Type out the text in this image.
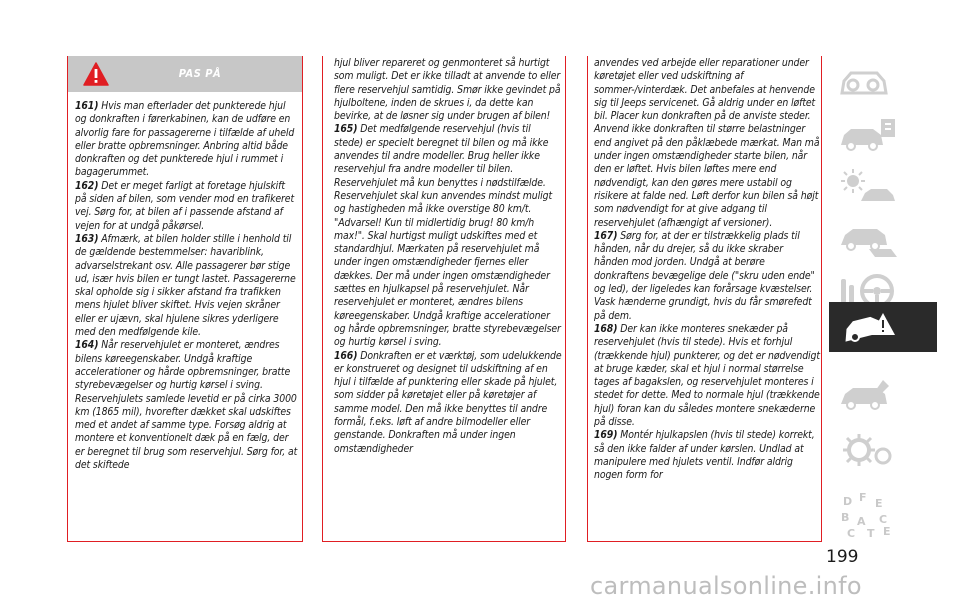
PAS PÅ

161) Hvis man efterlader det punkterede hjul og donkraften i førerkabinen, kan de udføre en alvorlig fare for passagererne i tilfælde af uheld eller bratte opbremsninger. Anbring altid både donkraften og det punkterede hjul i rummet i bagagerummet.

162) Det er meget farligt at foretage hjulskift på siden af bilen, som vender mod en trafikeret vej. Sørg for, at bilen af i passende afstand af vejen for at undgå påkørsel.

163) Afmærk, at bilen holder stille i henhold til de gældende bestemmelser: havariblink, advarselstrekant osv. Alle passagerer bør stige ud, især hvis bilen er tungt lastet. Passagererne skal opholde sig i sikker afstand fra trafikken mens hjulet bliver skiftet. Hvis vejen skråner eller er ujævn, skal hjulene sikres yderligere med den medfølgende kile.

164) Når reservehjulet er monteret, ændres bilens køreegenskaber. Undgå kraftige accelerationer og hårde opbremsninger, bratte styrebevægelser og hurtig kørsel i sving. Reservehjulets samlede levetid er på cirka 3000 km (1865 mil), hvorefter dækket skal udskiftes med et andet af samme type. Forsøg aldrig at montere et konventionelt dæk på en fælg, der er beregnet til brug som reservehjul. Sørg for, at det skiftede

hjul bliver repareret og genmonteret så hurtigt som muligt. Det er ikke tilladt at anvende to eller flere reservehjul samtidig. Smør ikke gevindet på hjulboltene, inden de skrues i, da dette kan bevirke, at de løsner sig under brugen af bilen!

165) Det medfølgende reservehjul (hvis til stede) er specielt beregnet til bilen og må ikke anvendes til andre modeller. Brug heller ikke reservehjul fra andre modeller til bilen. Reservehjulet må kun benyttes i nødstilfælde. Reservehjulet skal kun anvendes mindst muligt og hastigheden må ikke overstige 80 km/t. "Advarsel! Kun til midlertidig brug! 80 km/h max!". Skal hurtigst muligt udskiftes med et standardhjul. Mærkaten på reservehjulet må under ingen omstændigheder fjernes eller dækkes. Der må under ingen omstændigheder sættes en hjulkapsel på reservehjulet. Når reservehjulet er monteret, ændres bilens køreegenskaber. Undgå kraftige accelerationer og hårde opbremsninger, bratte styrebevægelser og hurtig kørsel i sving.

166) Donkraften er et værktøj, som udelukkende er konstrueret og designet til udskiftning af en hjul i tilfælde af punktering eller skade på hjulet, som sidder på køretøjet eller på køretøjer af samme model. Den må ikke benyttes til andre formål, f.eks. løft af andre bilmodeller eller genstande. Donkraften må under ingen omstændigheder

anvendes ved arbejde eller reparationer under køretøjet eller ved udskiftning af sommer-/vinterdæk. Det anbefales at henvende sig til Jeeps servicenet. Gå aldrig under en løftet bil. Placer kun donkraften på de anviste steder. Anvend ikke donkraften til større belastninger end angivet på den påklæbede mærkat. Man må under ingen omstændigheder starte bilen, når den er løftet. Hvis bilen løftes mere end nødvendigt, kan den gøres mere ustabil og risikere at falde ned. Løft derfor kun bilen så højt som nødvendigt for at give adgang til reservehjulet (afhængigt af versioner).

167) Sørg for, at der er tilstrækkelig plads til hånden, når du drejer, så du ikke skraber hånden mod jorden. Undgå at berøre donkraftens bevægelige dele ("skru uden ende" og led), der ligeledes kan forårsage kvæstelser. Vask hænderne grundigt, hvis du får smørefedt på dem.

168) Der kan ikke monteres snekæder på reservehjulet (hvis til stede). Hvis et forhjul (trækkende hjul) punkterer, og det er nødvendigt at bruge kæder, skal et hjul i normal størrelse tages af bagakslen, og reservehjulet monteres i stedet for dette. Med to normale hjul (trækkende hjul) foran kan du således montere snekæderne på disse.

169) Montér hjulkapslen (hvis til stede) korrekt, så den ikke falder af under kørslen. Undlad at manipulere med hjulets ventil. Indfør aldrig nogen form for

D F E
B A C
C T E
199
carmanualsonline.info
